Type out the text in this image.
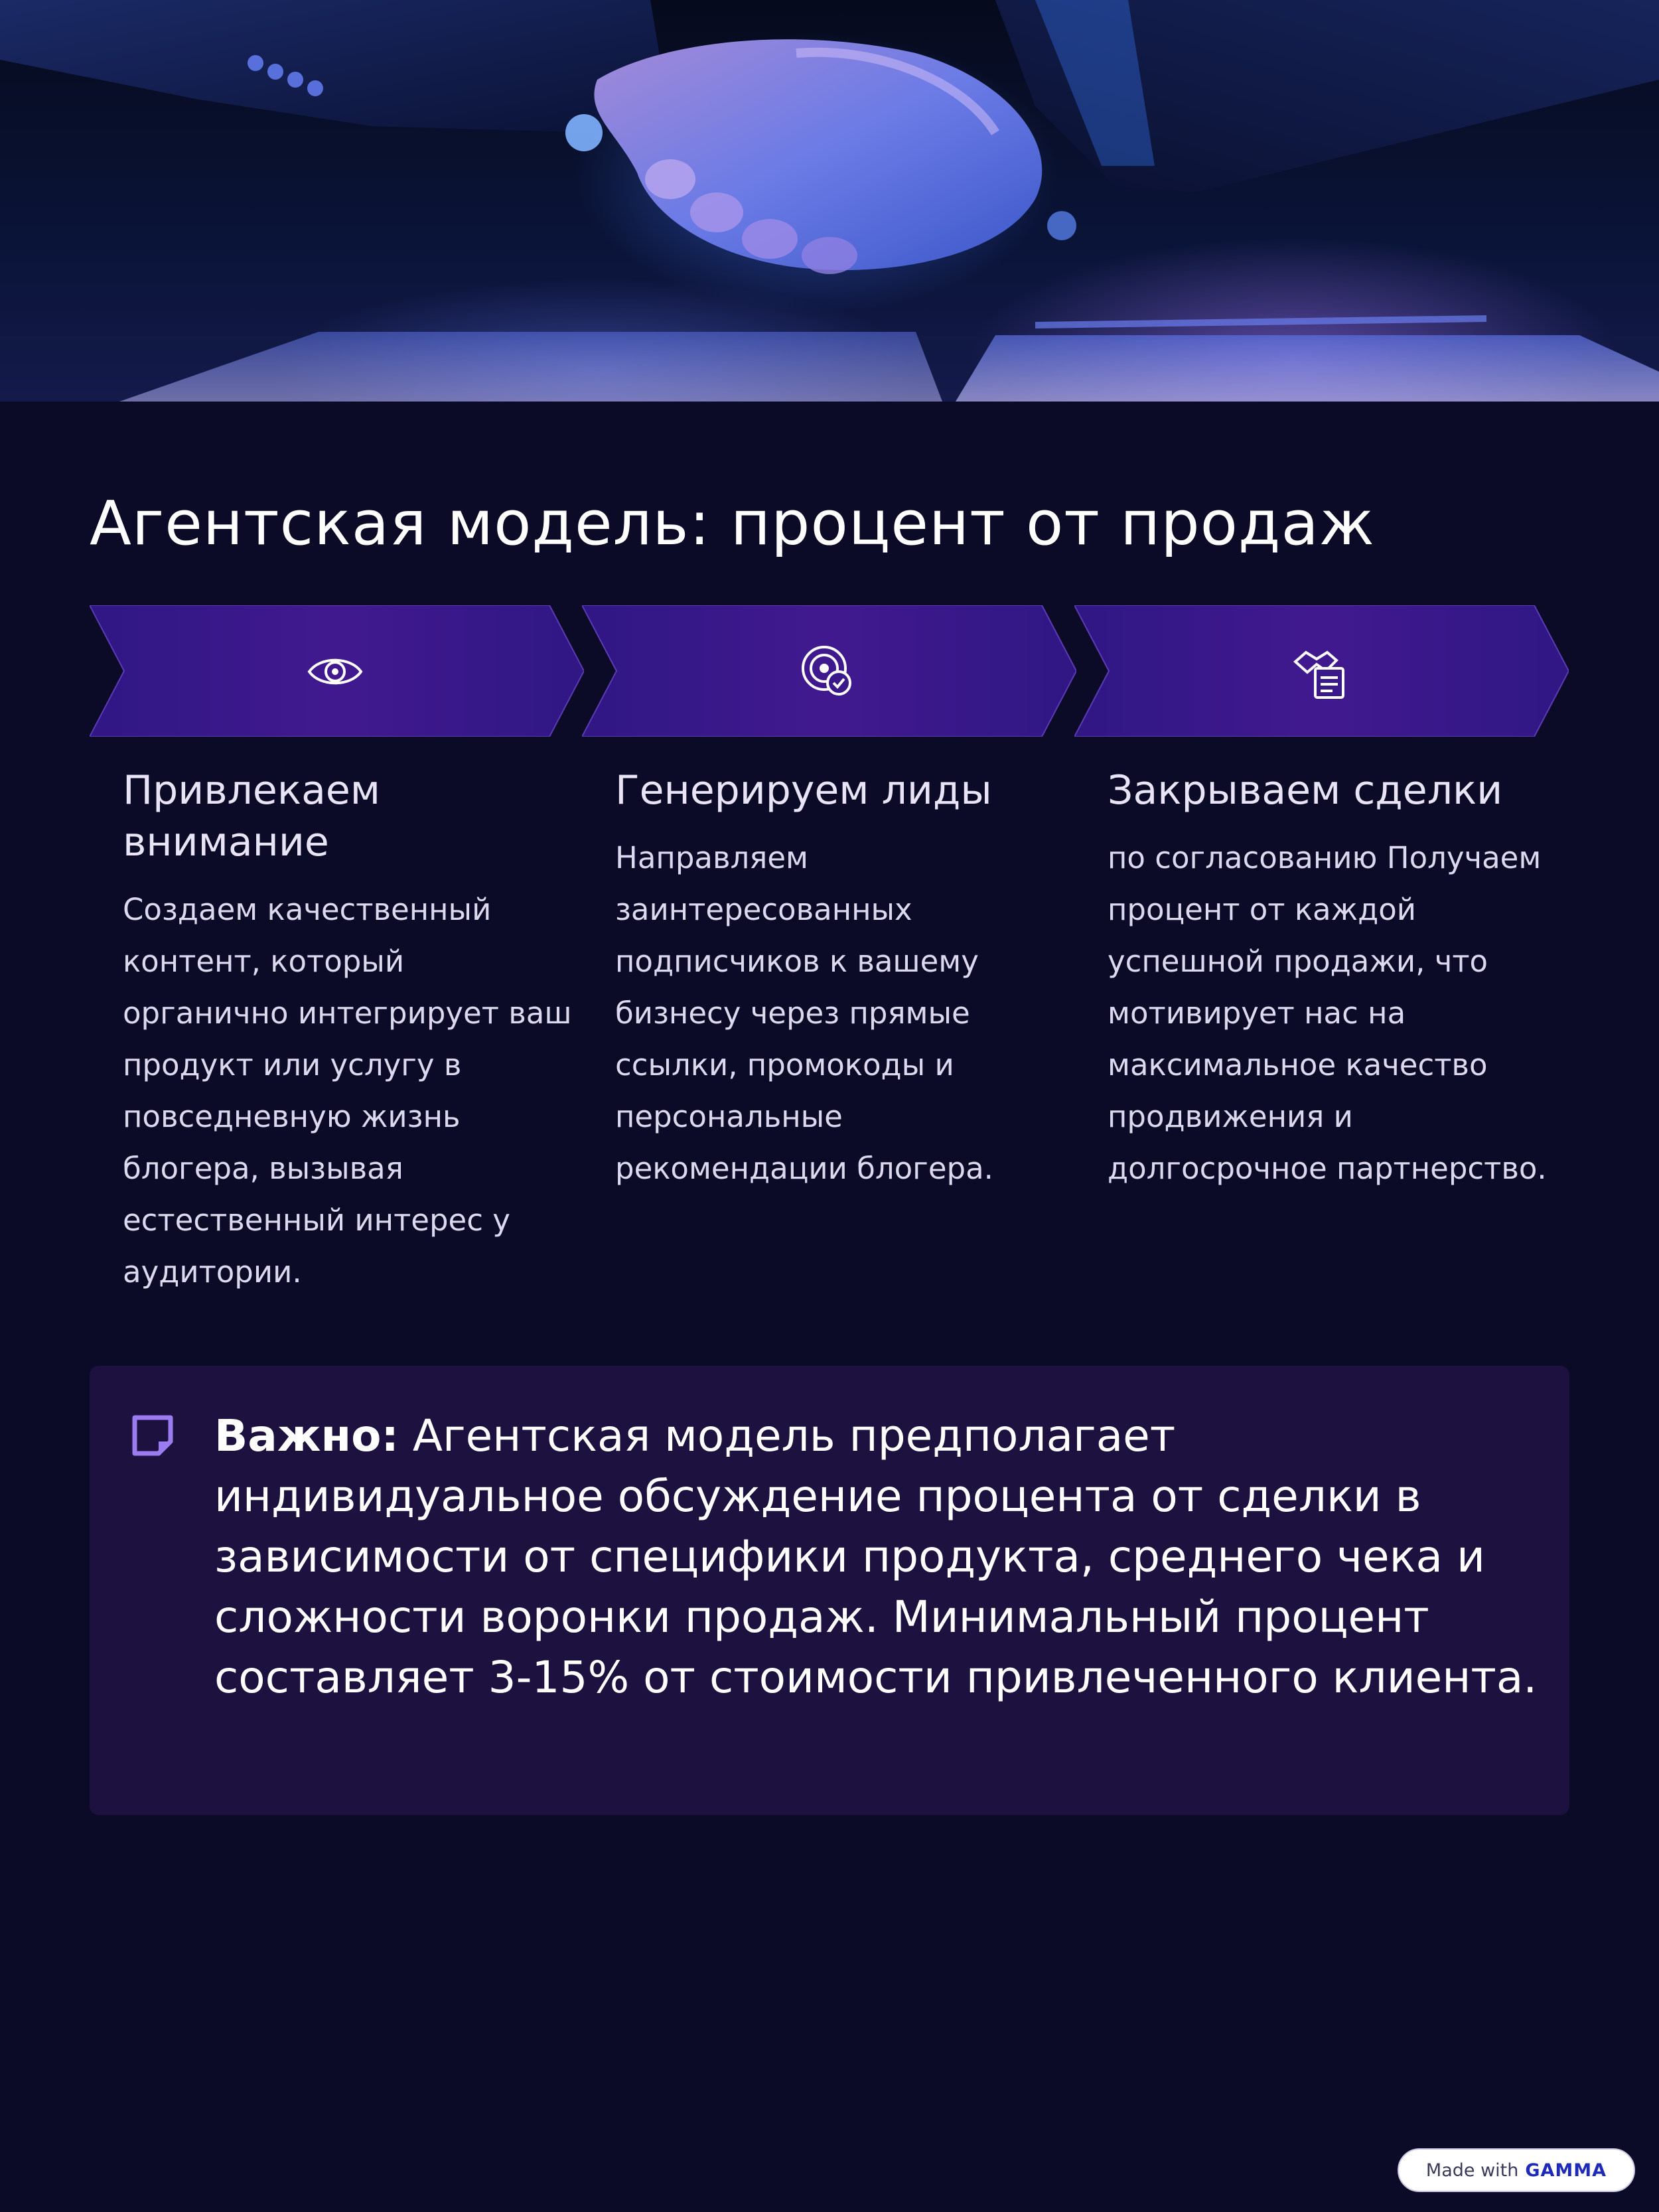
Агентская модель: процент от продаж
Привлекаем внимание
Создаем качественный контент, который органично интегрирует ваш продукт или услугу в повседневную жизнь блогера, вызывая естественный интерес у аудитории.
Генерируем лиды
Направляем заинтересованных подписчиков к вашему бизнесу через прямые ссылки, промокоды и персональные рекомендации блогера.
Закрываем сделки
по согласованию Получаем процент от каждой успешной продажи, что мотивирует нас на максимальное качество продвижения и долгосрочное партнерство.
Важно: Агентская модель предполагает индивидуальное обсуждение процента от сделки в зависимости от специфики продукта, среднего чека и сложности воронки продаж. Минимальный процент составляет 3-15% от стоимости привлеченного клиента.
Made with GAMMA
